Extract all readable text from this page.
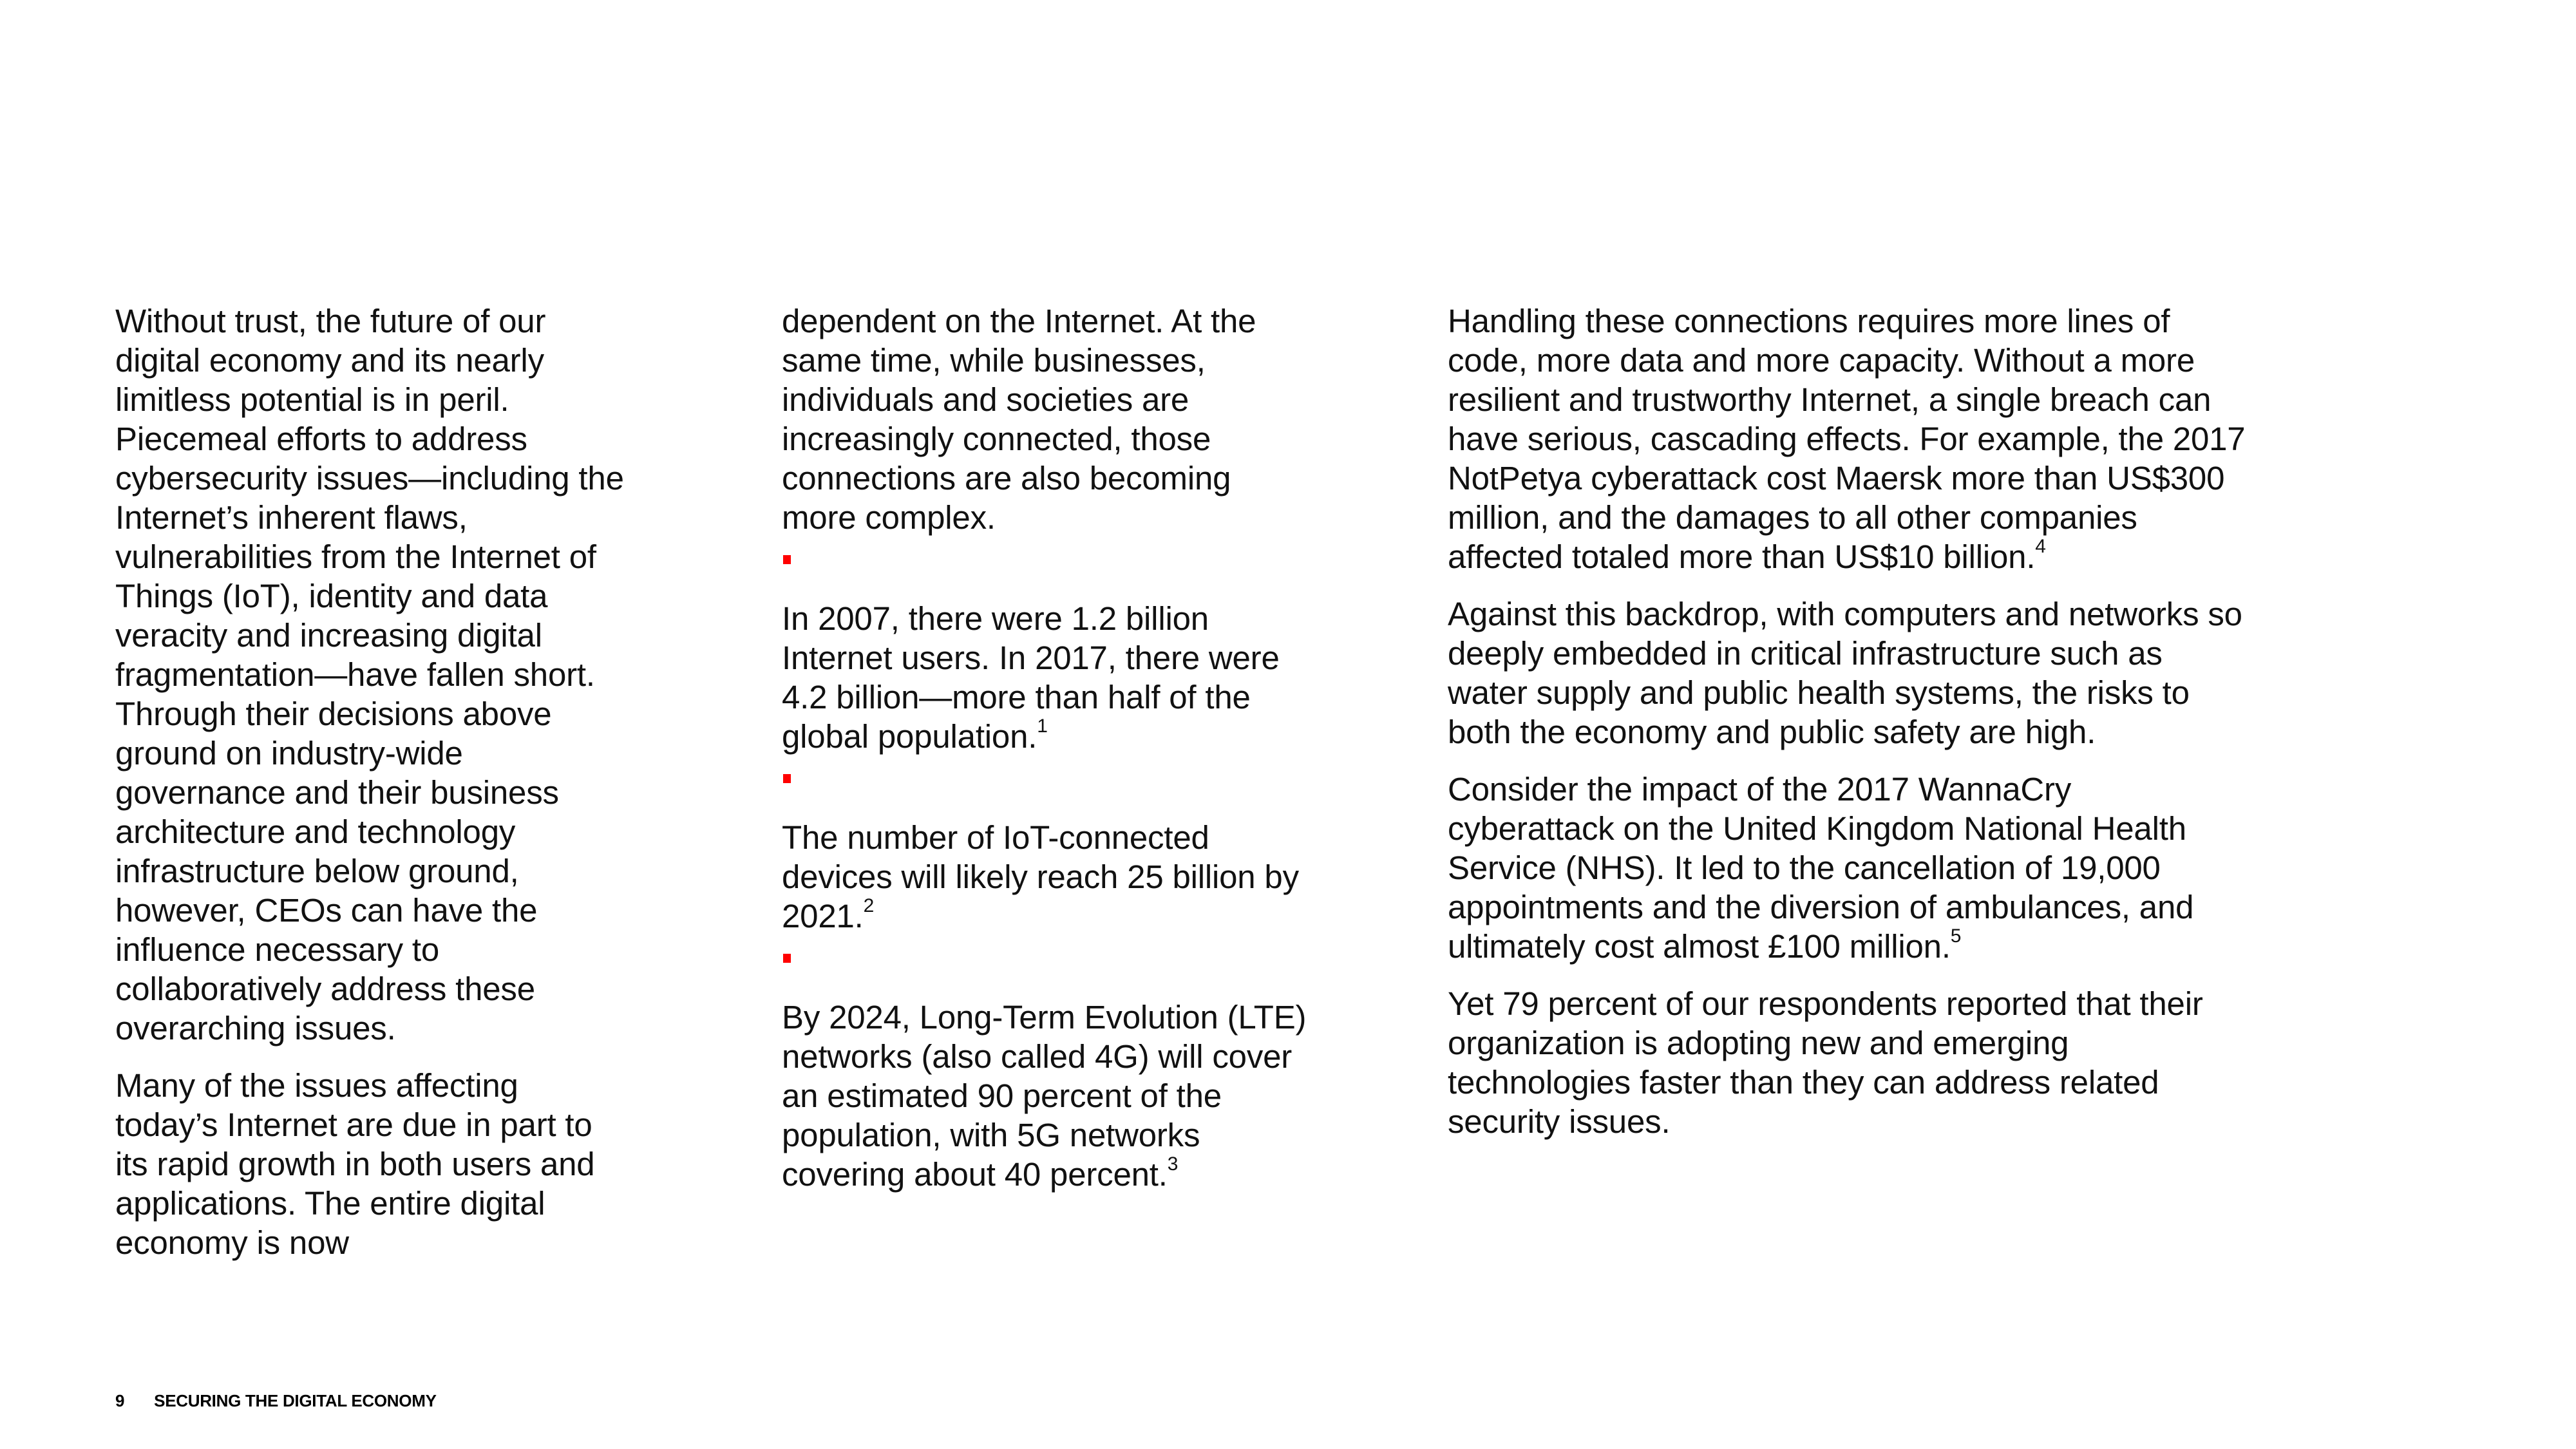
Without trust, the future of our digital economy and its nearly limitless potential is in peril. Piecemeal efforts to address cybersecurity issues—including the Internet’s inherent flaws, vulnerabilities from the Internet of Things (IoT), identity and data veracity and increasing digital fragmentation—have fallen short. Through their decisions above ground on industry-wide governance and their business architecture and technology infrastructure below ground, however, CEOs can have the influence necessary to collaboratively address these overarching issues.

Many of the issues affecting today’s Internet are due in part to its rapid growth in both users and applications. The entire digital economy is now

dependent on the Internet. At the same time, while businesses, individuals and societies are increasingly connected, those connections are also becoming more complex.

In 2007, there were 1.2 billion Internet users. In 2017, there were 4.2 billion—more than half of the global population.$^1$

The number of IoT-connected devices will likely reach 25 billion by 2021.$^2$

By 2024, Long-Term Evolution (LTE) networks (also called 4G) will cover an estimated 90 percent of the population, with 5G networks covering about 40 percent.$^3$

Handling these connections requires more lines of code, more data and more capacity. Without a more resilient and trustworthy Internet, a single breach can have serious, cascading effects. For example, the 2017 NotPetya cyberattack cost Maersk more than US$300 million, and the damages to all other companies affected totaled more than US$10 billion.$^4$

Against this backdrop, with computers and networks so deeply embedded in critical infrastructure such as water supply and public health systems, the risks to both the economy and public safety are high.

Consider the impact of the 2017 WannaCry cyberattack on the United Kingdom National Health Service (NHS). It led to the cancellation of 19,000 appointments and the diversion of ambulances, and ultimately cost almost £100 million.$^5$

Yet 79 percent of our respondents reported that their organization is adopting new and emerging technologies faster than they can address related security issues.

9 SECURING THE DIGITAL ECONOMY
